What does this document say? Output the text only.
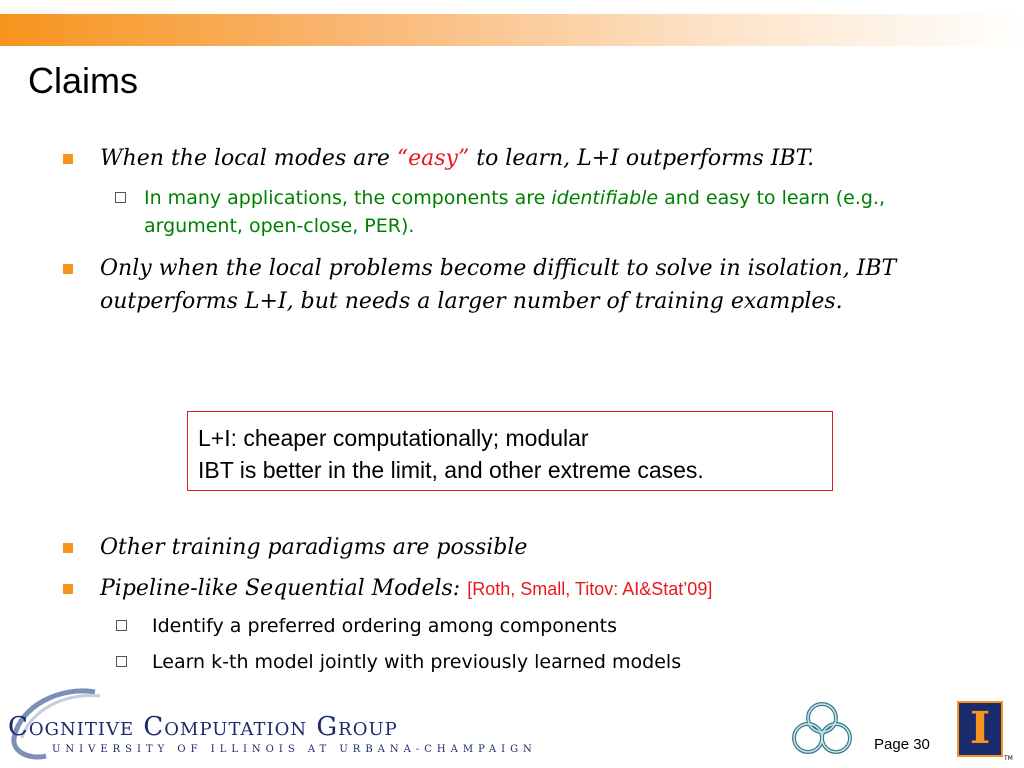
Claims
When the local modes are “easy” to learn, L+I outperforms IBT.
In many applications, the components are identifiable and easy to learn (e.g.,
argument, open-close, PER).
Only when the local problems become difficult to solve in isolation, IBT
outperforms L+I, but needs a larger number of training examples.
L+I: cheaper computationally; modular
IBT is better in the limit, and other extreme cases.
Other training paradigms are possible
Pipeline-like Sequential Models: [Roth, Small, Titov: AI&Stat’09]
Identify a preferred ordering among components
Learn k-th model jointly with previously learned models
Cognitive Computation Group
UNIVERSITY OF ILLINOIS AT URBANA-CHAMPAIGN	Page 30 I
TM
